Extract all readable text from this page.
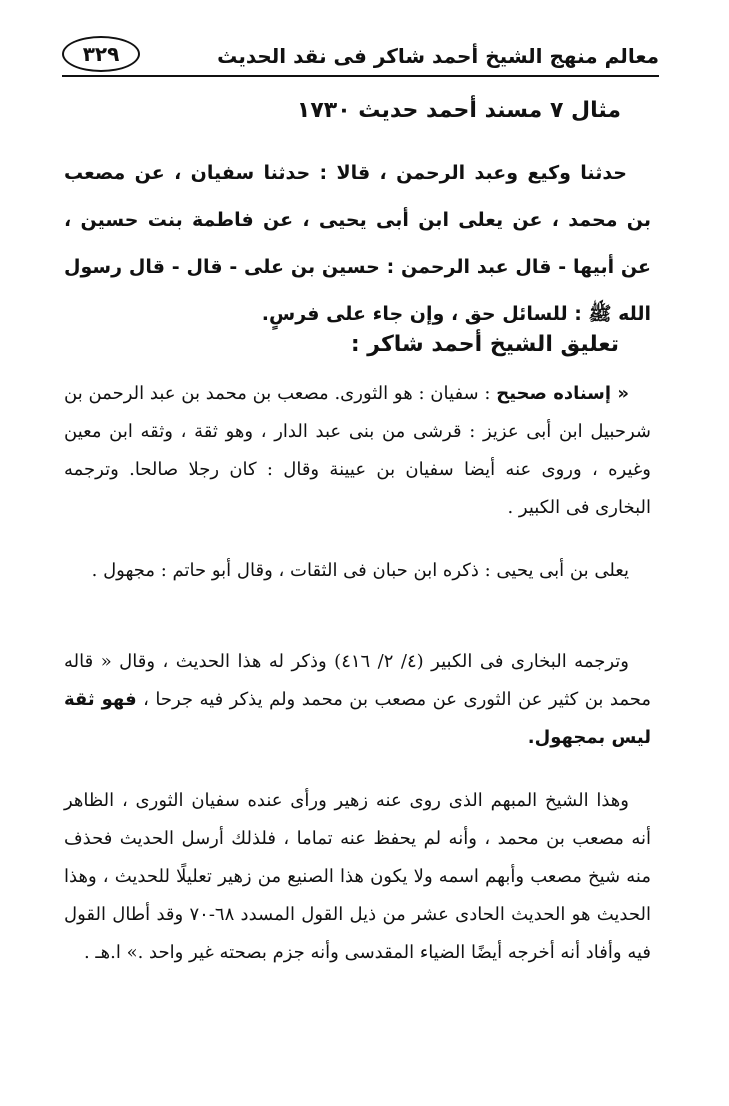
معالم منهج الشيخ أحمد شاكر فى نقد الحديث
٣٢٩
مثال ٧ مسند أحمد حديث ١٧٣٠
حدثنا وكيع وعبد الرحمن ، قالا : حدثنا سفيان ، عن مصعب بن محمد ، عن يعلى ابن أبى يحيى ، عن فاطمة بنت حسين ، عن أبيها - قال عبد الرحمن : حسين بن على - قال - قال رسول الله ﷺ : للسائل حق ، وإن جاء على فرسٍ.
تعليق الشيخ أحمد شاكر :
« إسناده صحيح : سفيان : هو الثورى. مصعب بن محمد بن عبد الرحمن بن شرحبيل ابن أبى عزيز : قرشى من بنى عبد الدار ، وهو ثقة ، وثقه ابن معين وغيره ، وروى عنه أيضا سفيان بن عيينة وقال : كان رجلا صالحا. وترجمه البخارى فى الكبير .
يعلى بن أبى يحيى : ذكره ابن حبان فى الثقات ، وقال أبو حاتم : مجهول .
وترجمه البخارى فى الكبير (٤/ ٢/ ٤١٦) وذكر له هذا الحديث ، وقال « قاله محمد بن كثير عن الثورى عن مصعب بن محمد ولم يذكر فيه جرحا ، فهو ثقة ليس بمجهول.
وهذا الشيخ المبهم الذى روى عنه زهير ورأى عنده سفيان الثورى ، الظاهر أنه مصعب بن محمد ، وأنه لم يحفظ عنه تماما ، فلذلك أرسل الحديث فحذف منه شيخ مصعب وأبهم اسمه ولا يكون هذا الصنيع من زهير تعليلًا للحديث ، وهذا الحديث هو الحديث الحادى عشر من ذيل القول المسدد ٦٨-٧٠ وقد أطال القول فيه وأفاد أنه أخرجه أيضًا الضياء المقدسى وأنه جزم بصحته غير واحد .» ا.هـ .
